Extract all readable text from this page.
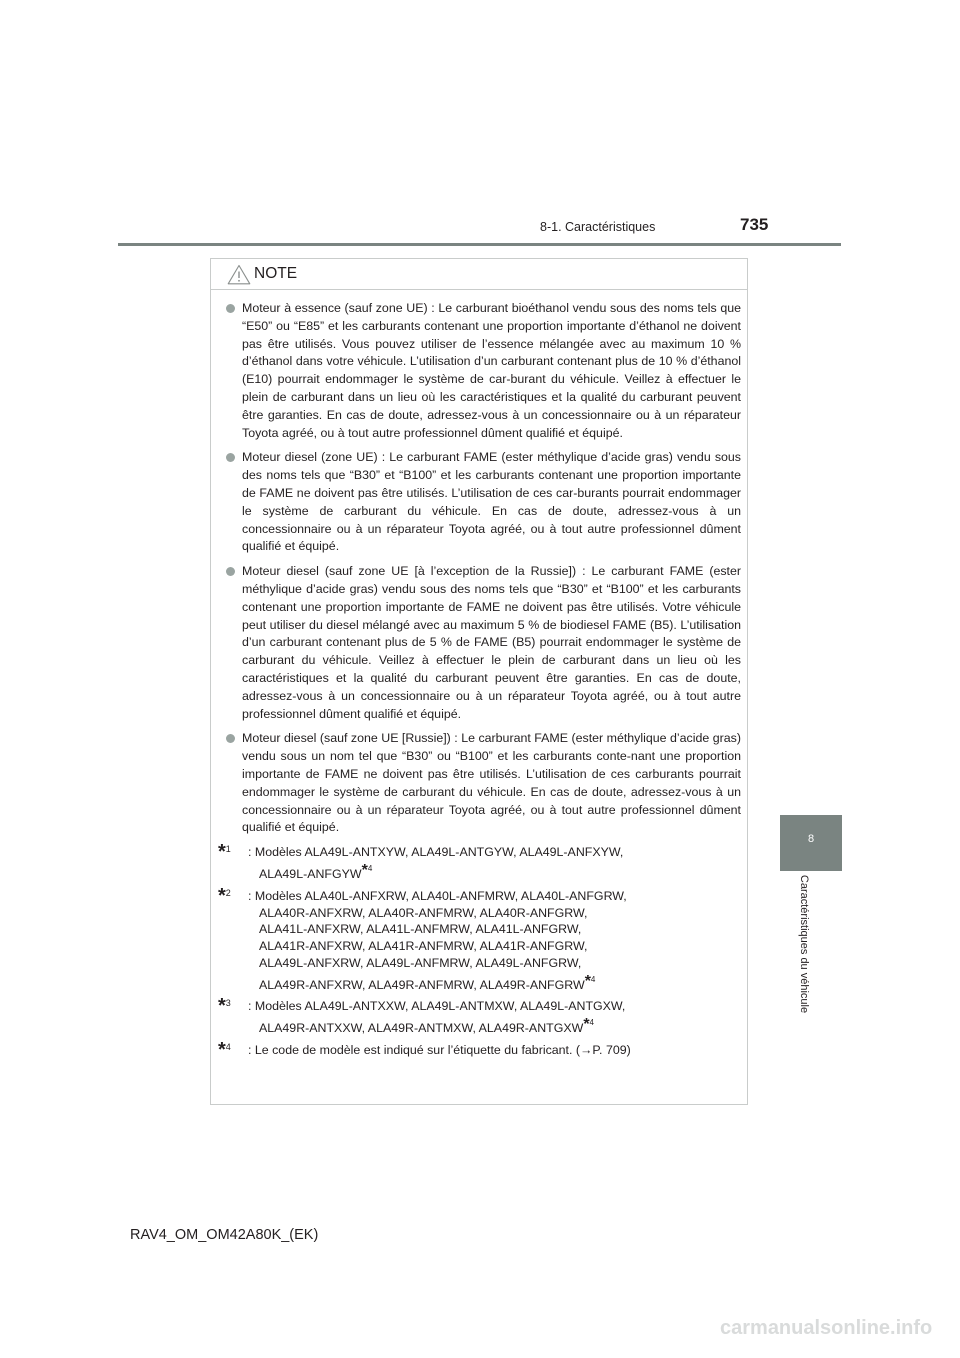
8-1. Caractéristiques	735
8
Caractéristiques du véhicule
NOTE

Moteur à essence (sauf zone UE) : Le carburant bioéthanol vendu sous des noms tels que “E50” ou “E85” et les carburants contenant une proportion importante d’éthanol ne doivent pas être utilisés. Vous pouvez utiliser de l’essence mélangée avec au maximum 10 % d’éthanol dans votre véhicule. L’utilisation d’un carburant contenant plus de 10 % d’éthanol (E10) pourrait endommager le système de car-burant du véhicule. Veillez à effectuer le plein de carburant dans un lieu où les caractéristiques et la qualité du carburant peuvent être garanties. En cas de doute, adressez-vous à un concessionnaire ou à un réparateur Toyota agréé, ou à tout autre professionnel dûment qualifié et équipé.

Moteur diesel (zone UE) : Le carburant FAME (ester méthylique d’acide gras) vendu sous des noms tels que “B30” et “B100” et les carburants contenant une proportion importante de FAME ne doivent pas être utilisés. L’utilisation de ces car-burants pourrait endommager le système de carburant du véhicule. En cas de doute, adressez-vous à un concessionnaire ou à un réparateur Toyota agréé, ou à tout autre professionnel dûment qualifié et équipé.

Moteur diesel (sauf zone UE [à l’exception de la Russie]) : Le carburant FAME (ester méthylique d’acide gras) vendu sous des noms tels que “B30” et “B100” et les carburants contenant une proportion importante de FAME ne doivent pas être utilisés. Votre véhicule peut utiliser du diesel mélangé avec au maximum 5 % de biodiesel FAME (B5). L’utilisation d’un carburant contenant plus de 5 % de FAME (B5) pourrait endommager le système de carburant du véhicule. Veillez à effectuer le plein de carburant dans un lieu où les caractéristiques et la qualité du carburant peuvent être garanties. En cas de doute, adressez-vous à un concessionnaire ou à un réparateur Toyota agréé, ou à tout autre professionnel dûment qualifié et équipé.

Moteur diesel (sauf zone UE [Russie]) : Le carburant FAME (ester méthylique d’acide gras) vendu sous un nom tel que “B30” ou “B100” et les carburants conte-nant une proportion importante de FAME ne doivent pas être utilisés. L’utilisation de ces carburants pourrait endommager le système de carburant du véhicule. En cas de doute, adressez-vous à un concessionnaire ou à un réparateur Toyota agréé, ou à tout autre professionnel dûment qualifié et équipé.

*$^1$ : Modèles ALA49L-ANTXYW, ALA49L-ANTGYW, ALA49L-ANFXYW,
ALA49L-ANFGYW*$^4$
*$^2$ : Modèles ALA40L-ANFXRW, ALA40L-ANFMRW, ALA40L-ANFGRW,
ALA40R-ANFXRW, ALA40R-ANFMRW, ALA40R-ANFGRW,
ALA41L-ANFXRW, ALA41L-ANFMRW, ALA41L-ANFGRW,
ALA41R-ANFXRW, ALA41R-ANFMRW, ALA41R-ANFGRW,
ALA49L-ANFXRW, ALA49L-ANFMRW, ALA49L-ANFGRW,
ALA49R-ANFXRW, ALA49R-ANFMRW, ALA49R-ANFGRW*$^4$
*$^3$ : Modèles ALA49L-ANTXXW, ALA49L-ANTMXW, ALA49L-ANTGXW,
ALA49R-ANTXXW, ALA49R-ANTMXW, ALA49R-ANTGXW*$^4$
*$^4$ : Le code de modèle est indiqué sur l’étiquette du fabricant. (→P. 709)
RAV4_OM_OM42A80K_(EK)
carmanualsonline.info
